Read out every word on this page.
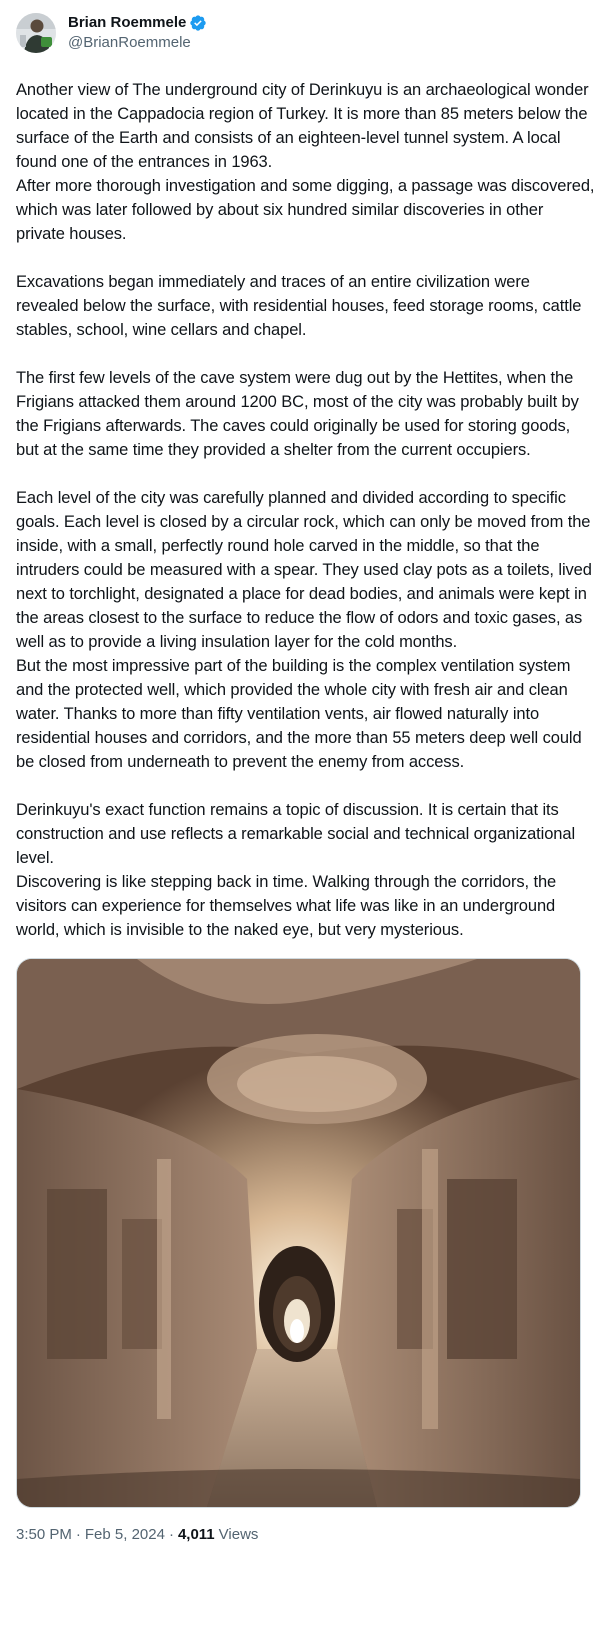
Brian Roemmele
@BrianRoemmele
Another view of The underground city of Derinkuyu is an archaeological wonder located in the Cappadocia region of Turkey. It is more than 85 meters below the surface of the Earth and consists of an eighteen-level tunnel system. A local found one of the entrances in 1963.
After more thorough investigation and some digging, a passage was discovered, which was later followed by about six hundred similar discoveries in other private houses.

Excavations began immediately and traces of an entire civilization were revealed below the surface, with residential houses, feed storage rooms, cattle stables, school, wine cellars and chapel.

The first few levels of the cave system were dug out by the Hettites, when the Frigians attacked them around 1200 BC, most of the city was probably built by the Frigians afterwards. The caves could originally be used for storing goods, but at the same time they provided a shelter from the current occupiers.

Each level of the city was carefully planned and divided according to specific goals. Each level is closed by a circular rock, which can only be moved from the inside, with a small, perfectly round hole carved in the middle, so that the intruders could be measured with a spear. They used clay pots as a toilets, lived next to torchlight, designated a place for dead bodies, and animals were kept in the areas closest to the surface to reduce the flow of odors and toxic gases, as well as to provide a living insulation layer for the cold months.
But the most impressive part of the building is the complex ventilation system and the protected well, which provided the whole city with fresh air and clean water. Thanks to more than fifty ventilation vents, air flowed naturally into residential houses and corridors, and the more than 55 meters deep well could be closed from underneath to prevent the enemy from access.

Derinkuyu's exact function remains a topic of discussion. It is certain that its construction and use reflects a remarkable social and technical organizational level.
Discovering is like stepping back in time. Walking through the corridors, the visitors can experience for themselves what life was like in an underground world, which is invisible to the naked eye, but very mysterious.
3:50 PM · Feb 5, 2024 · 4,011 Views
